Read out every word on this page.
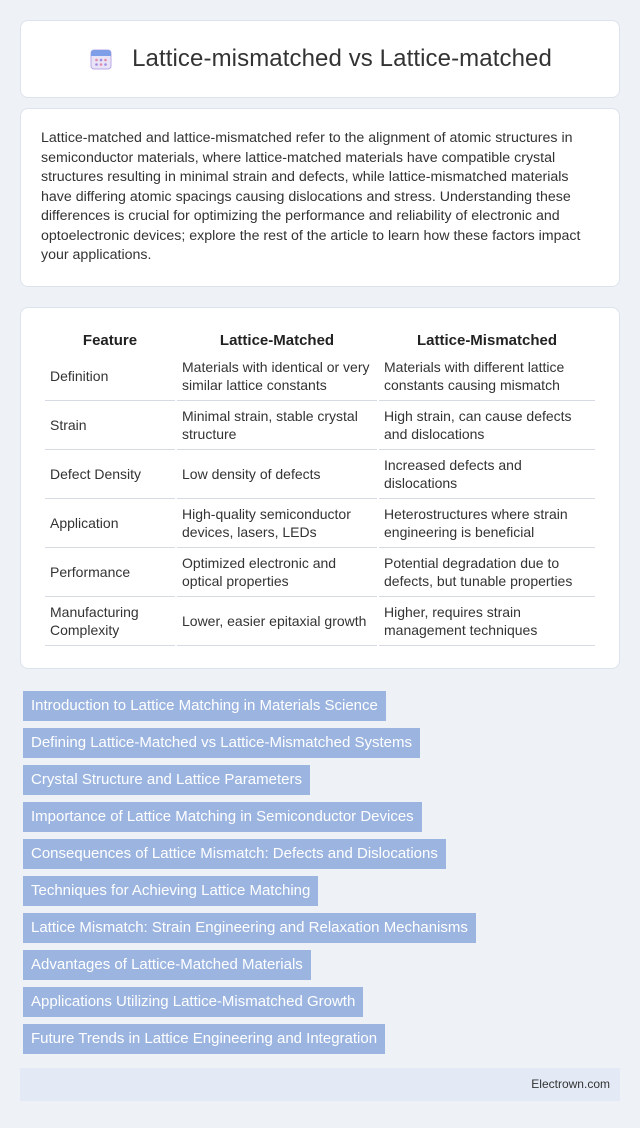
Lattice-mismatched vs Lattice-matched

Lattice-matched and lattice-mismatched refer to the alignment of atomic structures in semiconductor materials, where lattice-matched materials have compatible crystal structures resulting in minimal strain and defects, while lattice-mismatched materials have differing atomic spacings causing dislocations and stress. Understanding these differences is crucial for optimizing the performance and reliability of electronic and optoelectronic devices; explore the rest of the article to learn how these factors impact your applications.

Feature	Lattice-Matched	Lattice-Mismatched
Definition	Materials with identical or very similar lattice constants	Materials with different lattice constants causing mismatch
Strain	Minimal strain, stable crystal structure	High strain, can cause defects and dislocations
Defect Density	Low density of defects	Increased defects and dislocations
Application	High-quality semiconductor devices, lasers, LEDs	Heterostructures where strain engineering is beneficial
Performance	Optimized electronic and optical properties	Potential degradation due to defects, but tunable properties
Manufacturing Complexity	Lower, easier epitaxial growth	Higher, requires strain management techniques
Introduction to Lattice Matching in Materials Science
Defining Lattice-Matched vs Lattice-Mismatched Systems
Crystal Structure and Lattice Parameters
Importance of Lattice Matching in Semiconductor Devices
Consequences of Lattice Mismatch: Defects and Dislocations
Techniques for Achieving Lattice Matching
Lattice Mismatch: Strain Engineering and Relaxation Mechanisms
Advantages of Lattice-Matched Materials
Applications Utilizing Lattice-Mismatched Growth
Future Trends in Lattice Engineering and Integration
Electrown.com
